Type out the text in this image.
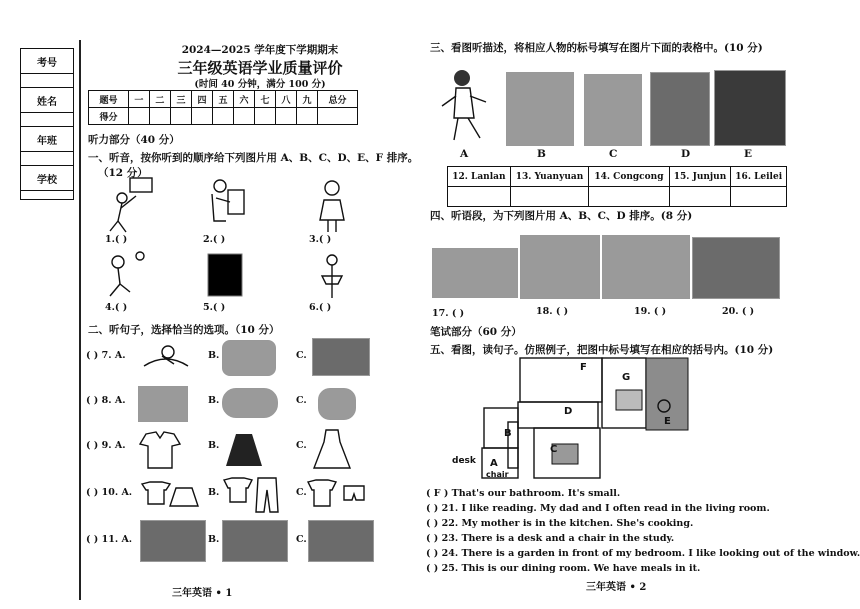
考号
姓名
年班
学校
2024—2025 学年度下学期期末
三年级英语学业质量评价
(时间 40 分钟，满分 100 分)
题号	一	二	三	四	五	六	七	八	九	总分
得分										
听力部分（40 分）
一、听音，按你听到的顺序给下列图片用 A、B、C、D、E、F 排序。
（12 分）
1.( )	2.( )	3.( )
4.( )	5.( )	6.( )
二、听句子，选择恰当的选项。（10 分）
( ) 7. A.	B.	C.
( ) 8. A.	B.	C.
( ) 9. A.	B.	C.
( ) 10. A.	B.	C.
( ) 11. A.	B.	C.
三年英语 • 1
三、看图听描述，将相应人物的标号填写在图片下面的表格中。(10 分)
A	B	C	D	E
12. Lanlan	13. Yuanyuan	14. Congcong	15. Junjun	16. Leilei

四、听语段，为下列图片用 A、B、C、D 排序。(8 分)
17. ( )	18. ( )	19. ( )	20. ( )
笔试部分（60 分）
五、看图，读句子。仿照例子，把图中标号填写在相应的括号内。(10 分)
G
F
D
B
A
C
E
desk
chair
( F ) That's our bathroom. It's small.
( ) 21. I like reading. My dad and I often read in the living room.
( ) 22. My mother is in the kitchen. She's cooking.
( ) 23. There is a desk and a chair in the study.
( ) 24. There is a garden in front of my bedroom. I like looking out of the window.
( ) 25. This is our dining room. We have meals in it.
三年英语 • 2
